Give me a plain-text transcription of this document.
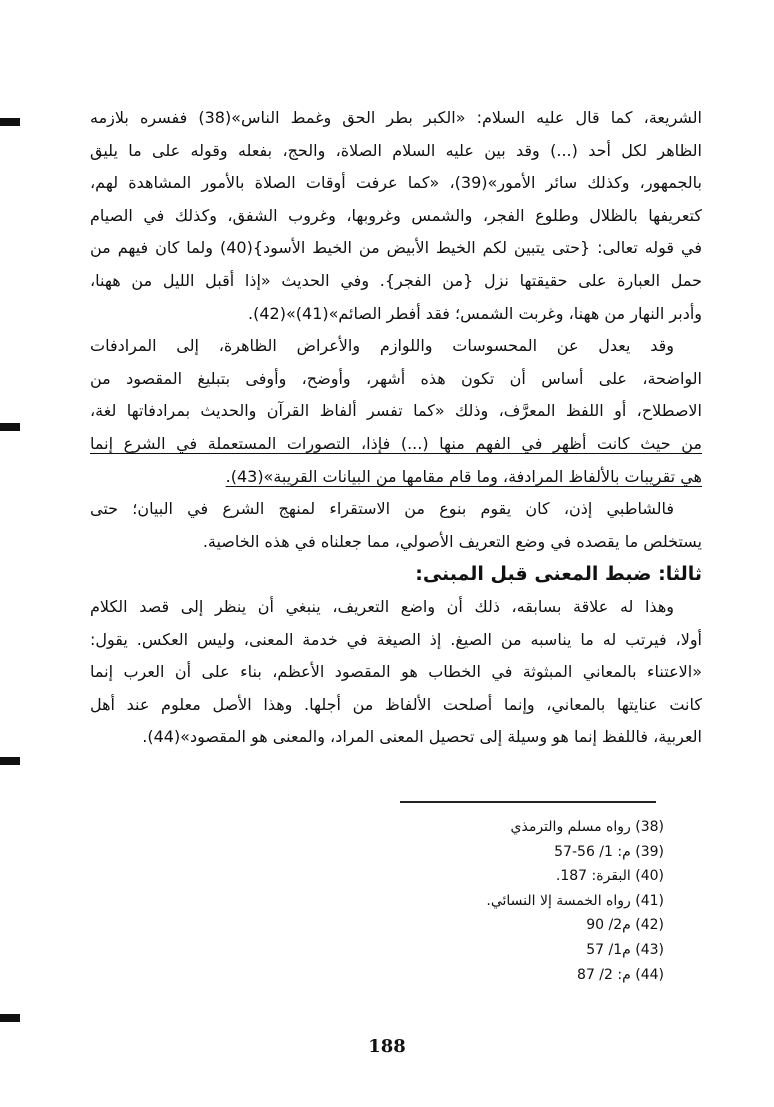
الشريعة، كما قال عليه السلام: «الكبر بطر الحق وغمط الناس»(38) ففسره بلازمه
الظاهر لكل أحد (...) وقد بين عليه السلام الصلاة، والحج، بفعله وقوله على ما يليق
بالجمهور، وكذلك سائر الأمور»(39)، «كما عرفت أوقات الصلاة بالأمور المشاهدة لهم،
كتعريفها بالظلال وطلوع الفجر، والشمس وغروبها، وغروب الشفق، وكذلك في الصيام
في قوله تعالى: {حتى يتبين لكم الخيط الأبيض من الخيط الأسود}(40) ولما كان فيهم من
حمل العبارة على حقيقتها نزل {من الفجر}. وفي الحديث «إذا أقبل الليل من ههنا،
وأدبر النهار من ههنا، وغربت الشمس؛ فقد أفطر الصائم»(41)»(42).
وقد يعدل عن المحسوسات واللوازم والأعراض الظاهرة، إلى المرادفات
الواضحة، على أساس أن تكون هذه أشهر، وأوضح، وأوفى بتبليغ المقصود من
الاصطلاح، أو اللفظ المعرَّف، وذلك «كما تفسر ألفاظ القرآن والحديث بمرادفاتها لغة،
من حيث كانت أظهر في الفهم منها (...) فإذا، التصورات المستعملة في الشرع إنما
هي تقريبات بالألفاظ المرادفة، وما قام مقامها من البيانات القريبة»(43).
فالشاطبي إذن، كان يقوم بنوع من الاستقراء لمنهج الشرع في البيان؛ حتى
يستخلص ما يقصده في وضع التعريف الأصولي، مما جعلناه في هذه الخاصية.
ثالثا: ضبط المعنى قبل المبنى:
وهذا له علاقة بسابقه، ذلك أن واضع التعريف، ينبغي أن ينظر إلى قصد الكلام
أولا، فيرتب له ما يناسبه من الصيغ. إذ الصيغة في خدمة المعنى، وليس العكس. يقول:
«الاعتناء بالمعاني المبثوثة في الخطاب هو المقصود الأعظم، بناء على أن العرب إنما
كانت عنايتها بالمعاني، وإنما أصلحت الألفاظ من أجلها. وهذا الأصل معلوم عند أهل
العربية، فاللفظ إنما هو وسيلة إلى تحصيل المعنى المراد، والمعنى هو المقصود»(44).
(38) رواه مسلم والترمذي
(39) م: 1/ 56-57
(40) البقرة: 187.
(41) رواه الخمسة إلا النسائي.
(42) م2/ 90
(43) م1/ 57
(44) م: 2/ 87
188
